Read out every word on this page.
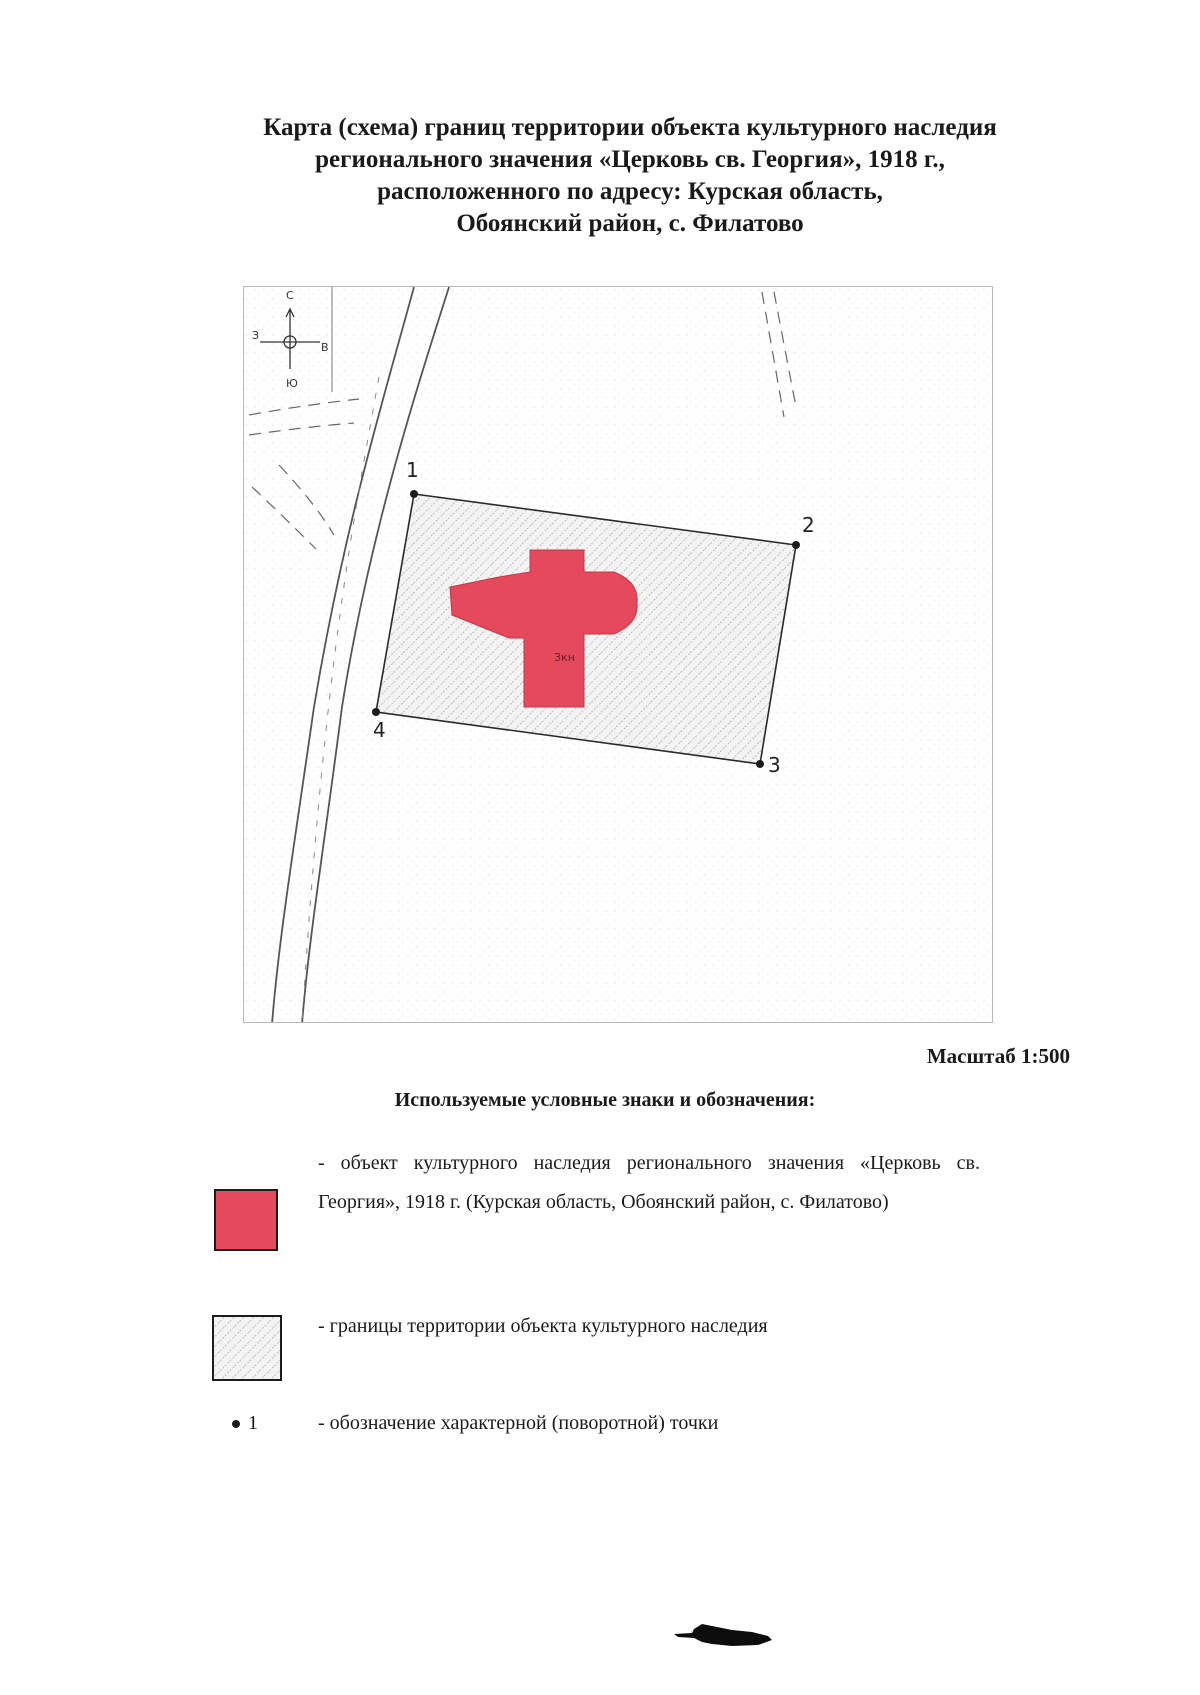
Карта (схема) границ территории объекта культурного наследия
регионального значения «Церковь св. Георгия», 1918 г.,
расположенного по адресу: Курская область,
Обоянский район, с. Филатово
С
Ю
З
В
Зкн
1
2
3
4
Масштаб 1:500
Используемые условные знаки и обозначения:
- объект культурного наследия регионального значения «Церковь св. Георгия», 1918 г. (Курская область, Обоянский район, с. Филатово)
- границы территории объекта культурного наследия
1	- обозначение характерной (поворотной) точки
